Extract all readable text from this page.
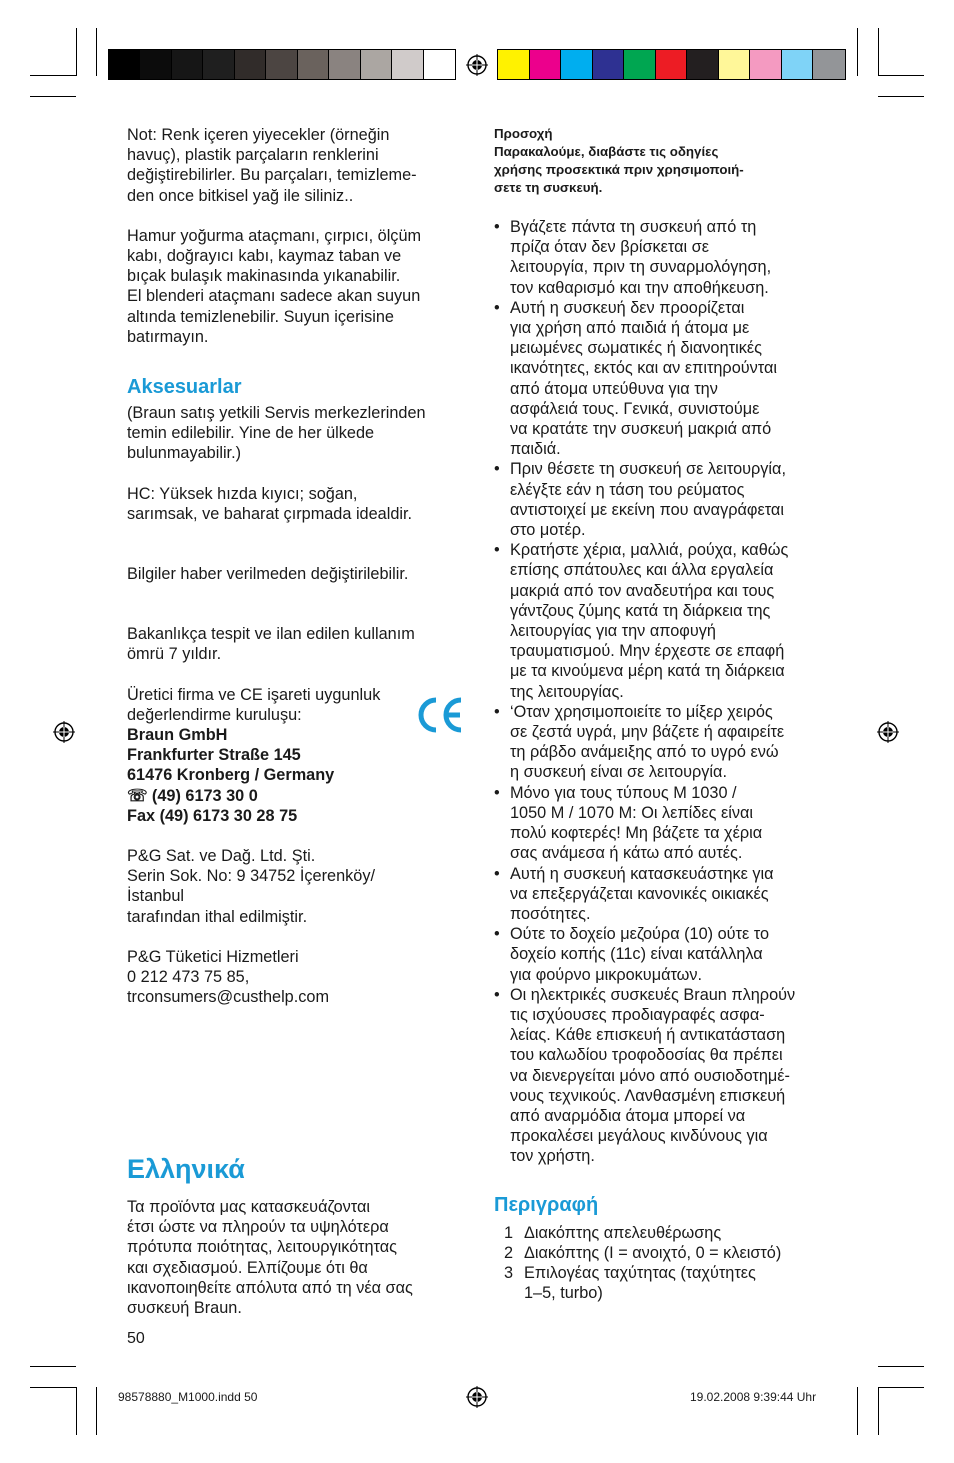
Not: Renk içeren yiyecekler (örneğin
havuç), plastik parçaların renklerini
değiştirebilirler. Bu parçaları, temizleme-
den once bitkisel yağ ile siliniz..
Hamur yoğurma ataçmanı, çırpıcı, ölçüm
kabı, doğrayıcı kabı, kaymaz taban ve
bıçak bulaşık makinasında yıkanabilir.
El blenderi ataçmanı sadece akan suyun
altında temizlenebilir. Suyun içerisine
batırmayın.
Aksesuarlar
(Braun satış yetkili Servis merkezlerinden
temin edilebilir. Yine de her ülkede
bulunmayabilir.)
HC: Yüksek hızda kıyıcı; soğan,
sarımsak, ve baharat çırpmada idealdir.

Bilgiler haber verilmeden değiştirilebilir.

Bakanlıkça tespit ve ilan edilen kullanım
ömrü 7 yıldır.
Üretici firma ve CE işareti uygunluk
değerlendirme kuruluşu:
Braun GmbH
Frankfurter Straße 145
61476 Kronberg / Germany

☏ (49) 6173 30 0

Fax (49) 6173 30 28 75

P&G Sat. ve Dağ. Ltd. Şti.
Serin Sok. No: 9 34752 İçerenköy/
İstanbul
tarafından ithal edilmiştir.
P&G Tüketici Hizmetleri
0 212 473 75 85,
trconsumers@custhelp.com
Ελληνικά
Τα προϊόντα μας κατασκευάζονται
έτσι ώστε να πληρούν τα υψηλότερα
πρότυπα ποιότητας, λειτουργικότητας
και σχεδιασμού. Ελπίζουμε ότι θα
ικανοποιηθείτε απόλυτα από τη νέα σας
συσκευή Braun.

50

Προσοχή

Παρακαλούμε, διαβάστε τις οδηγίες
χρήσης προσεκτικά πριν χρησιμοποιή-
σετε τη συσκευή.
• Βγάζετε πάντα τη συσκευή από τη
πρίζα όταν δεν βρίσκεται σε
λειτουργία, πριν τη συναρμολόγηση,
τον καθαρισμό και την αποθήκευση.
• Αυτή η συσκευή δεν προορίζεται
για χρήση από παιδιά ή άτομα με
μειωμένες σωματικές ή διανοητικές
ικανότητες, εκτός και αν επιτηρούνται
από άτομα υπεύθυνα για την
ασφάλειά τους. Γενικά, συνιστούμε
να κρατάτε την συσκευή μακριά από
παιδιά.
• Πριν θέσετε τη συσκευή σε λειτουργία,
ελέγξτε εάν η τάση του ρεύματος
αντιστοιχεί με εκείνη που αναγράφεται
στο μοτέρ.
• Κρατήστε χέρια, μαλλιά, ρούχα, καθώς
επίσης σπάτουλες και άλλα εργαλεία
μακριά από τον αναδευτήρα και τους
γάντζους ζύμης κατά τη διάρκεια της
λειτουργίας για την αποφυγή
τραυματισμού. Μην έρχεστε σε επαφή
με τα κινούμενα μέρη κατά τη διάρκεια
της λειτουργίας.
• ‘Οταν χρησιμοποιείτε το μίξερ χειρός
σε ζεστά υγρά, μην βάζετε ή αφαιρείτε
τη ράβδο ανάμειξης από το υγρό ενώ
η συσκευή είναι σε λειτουργία.
• Μόνο για τους τύπους M 1030 /
1050 M / 1070 M: Οι λεπίδες είναι
πολύ κοφτερές! Μη βάζετε τα χέρια
σας ανάμεσα ή κάτω από αυτές.
• Αυτή η συσκευή κατασκευάστηκε για
να επεξεργάζεται κανονικές οικιακές
ποσότητες.
• Ούτε το δοχείο μεζούρα (10) ούτε το
δοχείο κοπής (11c) είναι κατάλληλα
για φούρνο μικροκυμάτων.
• Οι ηλεκτρικές συσκευές Braun πληρούν
τις ισχύουσες προδιαγραφές ασφα-
λείας. Κάθε επισκευή ή αντικατάσταση
του καλωδίου τροφοδοσίας θα πρέπει
να διενεργείται μόνο από ουσιοδοτημέ-
νους τεχνικούς. Λανθασμένη επισκευή
από αναρμόδια άτομα μπορεί να
προκαλέσει μεγάλους κινδύνους για
τον χρήστη.
Περιγραφή
1 Διακόπτης απελευθέρωσης
2 Διακόπτης (I = ανοιχτό, 0 = κλειστό)
3 Επιλογέας ταχύτητας (ταχύτητες
1–5, turbo)
98578880_M1000.indd 50	19.02.2008 9:39:44 Uhr
